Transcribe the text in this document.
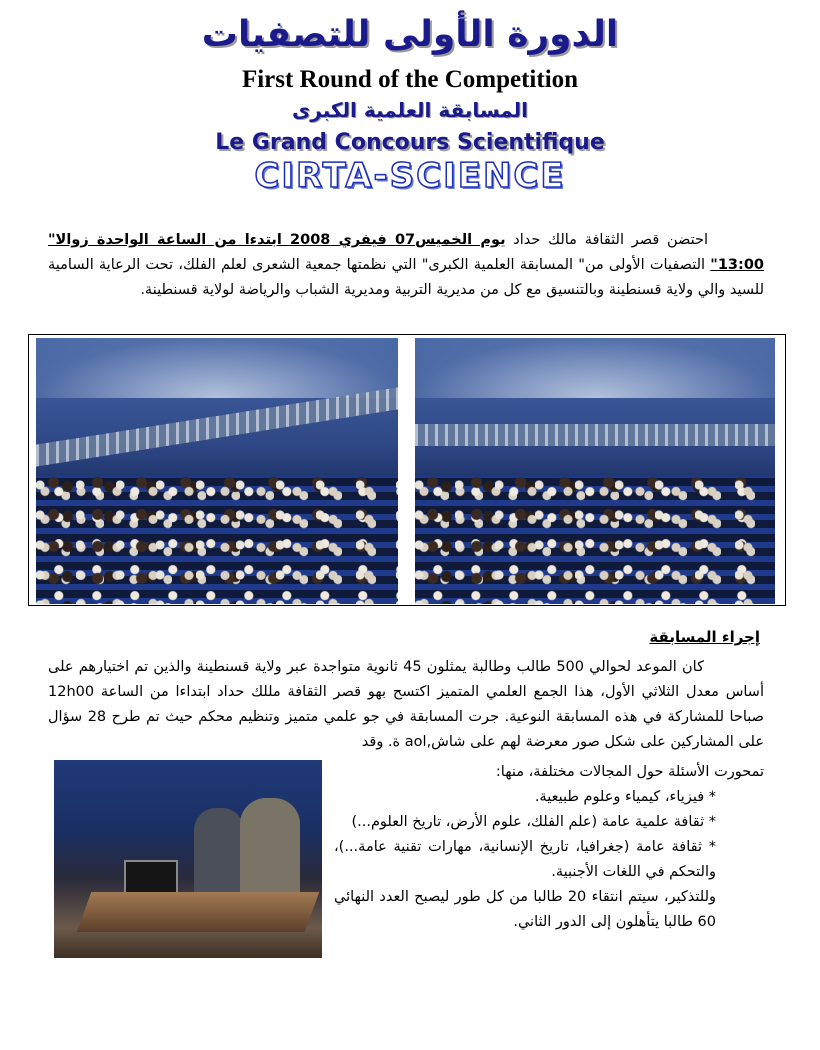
الدورة الأولى للتصفيات
First Round of the Competition
المسابقة العلمية الكبرى
Le Grand Concours Scientifique
CIRTA-SCIENCE
احتضن قصر الثقافة مالك حداد يوم الخميس07 فيفري 2008 ابتدءا من الساعة الواحدة زوالا" 13:00" التصفيات الأولى من" المسابقة العلمية الكبرى" التي نظمتها جمعية الشعرى لعلم الفلك، تحت الرعاية السامية للسيد والي ولاية قسنطينة وبالتنسيق مع كل من مديرية التربية ومديرية الشباب والرياضة لولاية قسنطينة.
إجراء المسابقة

كان الموعد لحوالي 500 طالب وطالبة يمثلون 45 ثانوية متواجدة عبر ولاية قسنطينة والذين تم اختيارهم على أساس معدل الثلاثي الأول، هذا الجمع العلمي المتميز اكتسح بهو قصر الثقافة مللك حداد ابتداءا من الساعة 12h00 صباحا للمشاركة في هذه المسابقة النوعية. جرت المسابقة في جو علمي متميز وتنظيم محكم حيث تم طرح 28 سؤال على المشاركين على شكل صور معرضة لهم على شاش,aol ة. وقد

تمحورت الأسئلة حول المجالات مختلفة، منها:

* فيزياء، كيمياء وعلوم طبيعية.

* ثقافة علمية عامة (علم الفلك، علوم الأرض، تاريخ العلوم...)

* ثقافة عامة (جغرافيا، تاريخ الإنسانية، مهارات تقنية عامة...)، والتحكم في اللغات الأجنبية.

وللتذكير، سيتم انتقاء 20 طالبا من كل طور ليصبح العدد النهائي 60 طالبا يتأهلون إلى الدور الثاني.
